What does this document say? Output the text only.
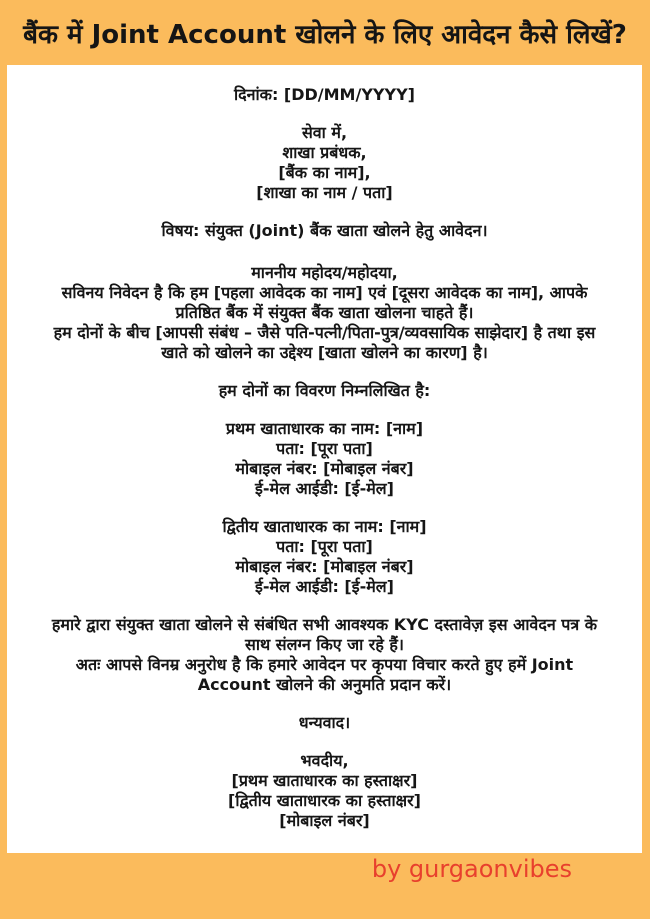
बैंक में Joint Account खोलने के लिए आवेदन कैसे लिखें?

दिनांक: [DD/MM/YYYY]

सेवा में,

शाखा प्रबंधक,

[बैंक का नाम],

[शाखा का नाम / पता]

विषय: संयुक्त (Joint) बैंक खाता खोलने हेतु आवेदन।

माननीय महोदय/महोदया,

सविनय निवेदन है कि हम [पहला आवेदक का नाम] एवं [दूसरा आवेदक का नाम], आपके प्रतिष्ठित बैंक में संयुक्त बैंक खाता खोलना चाहते हैं।

हम दोनों के बीच [आपसी संबंध – जैसे पति-पत्नी/पिता-पुत्र/व्यवसायिक साझेदार] है तथा इस खाते को खोलने का उद्देश्य [खाता खोलने का कारण] है।

हम दोनों का विवरण निम्नलिखित है:

प्रथम खाताधारक का नाम: [नाम]

पता: [पूरा पता]

मोबाइल नंबर: [मोबाइल नंबर]

ई-मेल आईडी: [ई-मेल]

द्वितीय खाताधारक का नाम: [नाम]

पता: [पूरा पता]

मोबाइल नंबर: [मोबाइल नंबर]

ई-मेल आईडी: [ई-मेल]

हमारे द्वारा संयुक्त खाता खोलने से संबंधित सभी आवश्यक KYC दस्तावेज़ इस आवेदन पत्र के साथ संलग्न किए जा रहे हैं।

अतः आपसे विनम्र अनुरोध है कि हमारे आवेदन पर कृपया विचार करते हुए हमें Joint Account खोलने की अनुमति प्रदान करें।

धन्यवाद।

भवदीय,

[प्रथम खाताधारक का हस्ताक्षर]

[द्वितीय खाताधारक का हस्ताक्षर]

[मोबाइल नंबर]

by gurgaonvibes
